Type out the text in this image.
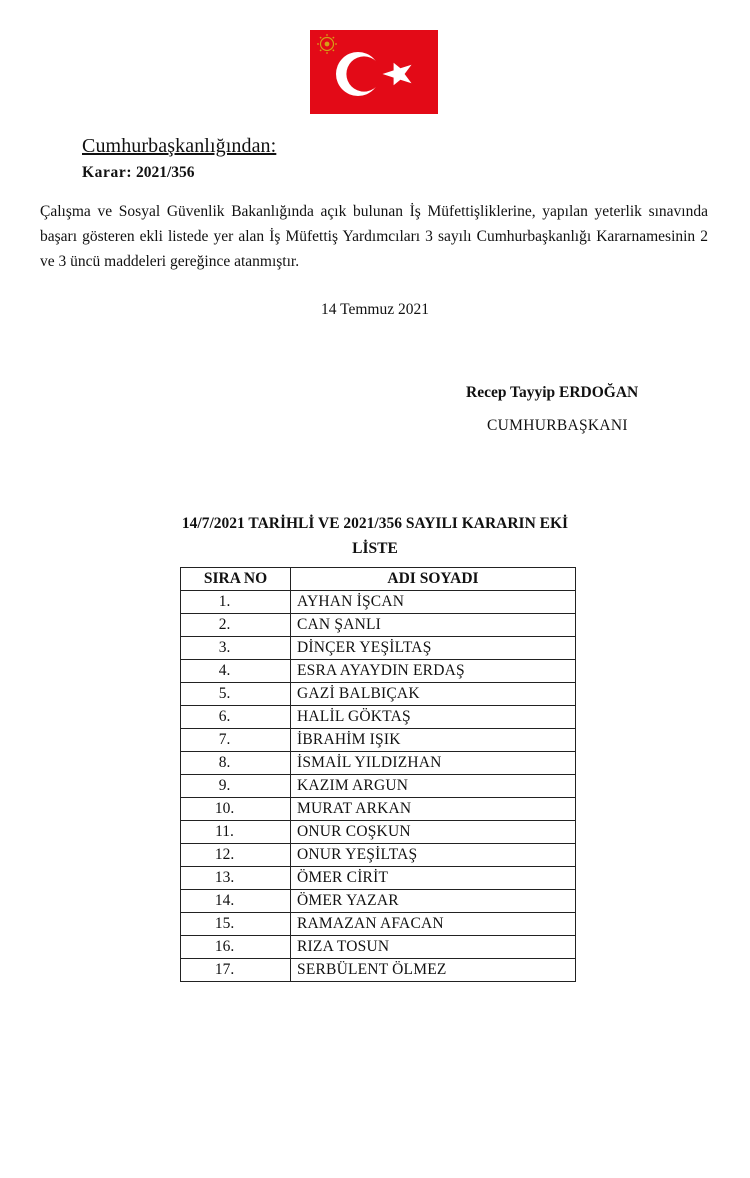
Cumhurbaşkanlığından:
Karar: 2021/356
Çalışma ve Sosyal Güvenlik Bakanlığında açık bulunan İş Müfettişliklerine, yapılan yeterlik sınavında başarı gösteren ekli listede yer alan İş Müfettiş Yardımcıları 3 sayılı Cumhurbaşkanlığı Kararnamesinin 2 ve 3 üncü maddeleri gereğince atanmıştır.
14 Temmuz 2021
Recep Tayyip ERDOĞAN
CUMHURBAŞKANI
14/7/2021 TARİHLİ VE 2021/356 SAYILI KARARIN EKİ
LİSTE
SIRA NO	ADI SOYADI
1.	AYHAN İŞCAN
2.	CAN ŞANLI
3.	DİNÇER YEŞİLTAŞ
4.	ESRA AYAYDIN ERDAŞ
5.	GAZİ BALBIÇAK
6.	HALİL GÖKTAŞ
7.	İBRAHİM IŞIK
8.	İSMAİL YILDIZHAN
9.	KAZIM ARGUN
10.	MURAT ARKAN
11.	ONUR COŞKUN
12.	ONUR YEŞİLTAŞ
13.	ÖMER CİRİT
14.	ÖMER YAZAR
15.	RAMAZAN AFACAN
16.	RIZA TOSUN
17.	SERBÜLENT ÖLMEZ
